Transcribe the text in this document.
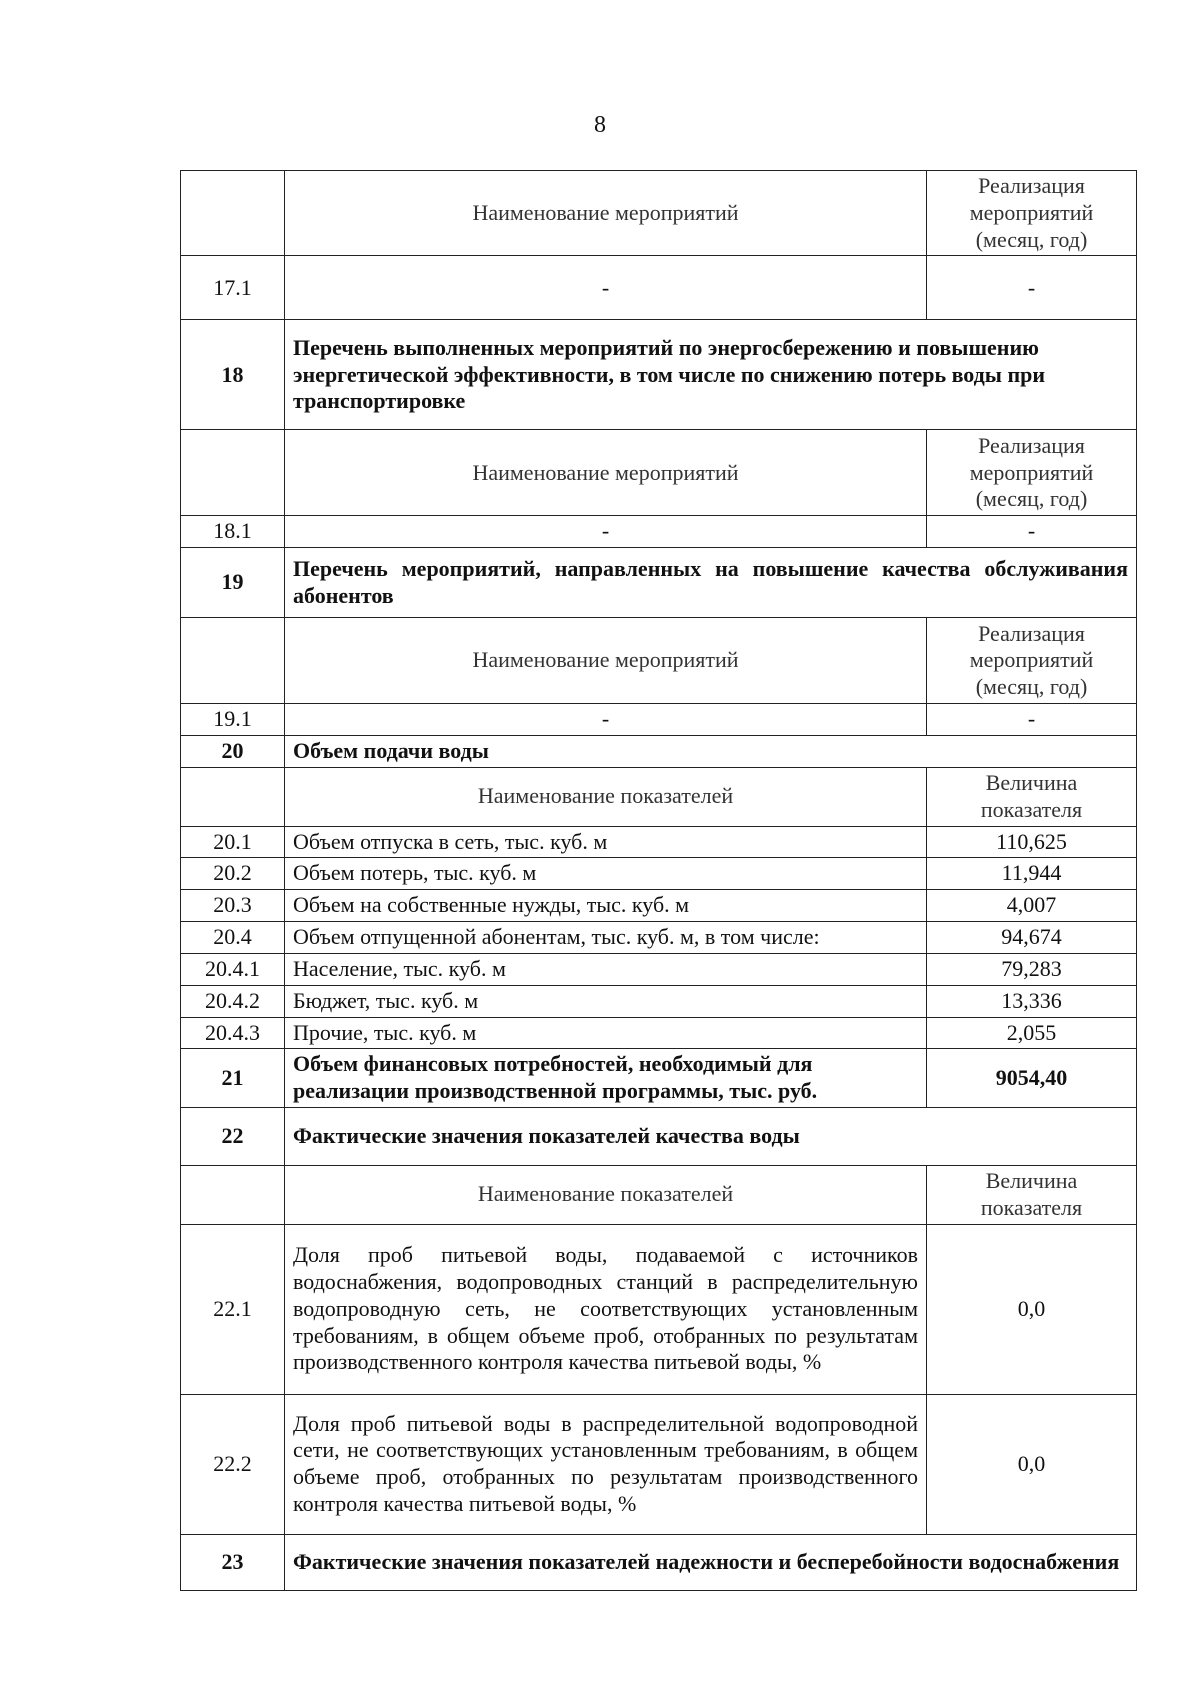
8
	Наименование мероприятий	Реализация мероприятий (месяц, год)
17.1	-	-
18	Перечень выполненных мероприятий по энергосбережению и повышению энергетической эффективности, в том числе по снижению потерь воды при транспортировке	
	Наименование мероприятий	Реализация мероприятий (месяц, год)
18.1	-	-
19	Перечень мероприятий, направленных на повышение качества обслуживания абонентов	
	Наименование мероприятий	Реализация мероприятий (месяц, год)
19.1	-	-
20	Объем подачи воды	
	Наименование показателей	Величина показателя
20.1	Объем отпуска в сеть, тыс. куб. м	110,625
20.2	Объем потерь, тыс. куб. м	11,944
20.3	Объем на собственные нужды, тыс. куб. м	4,007
20.4	Объем отпущенной абонентам, тыс. куб. м, в том числе:	94,674
20.4.1	Население, тыс. куб. м	79,283
20.4.2	Бюджет, тыс. куб. м	13,336
20.4.3	Прочие, тыс. куб. м	2,055
21	Объем финансовых потребностей, необходимый для реализации производственной программы, тыс. руб.	9054,40
22	Фактические значения показателей качества воды	
	Наименование показателей	Величина показателя
22.1	Доля проб питьевой воды, подаваемой с источников водоснабжения, водопроводных станций в распределительную водопроводную сеть, не соответствующих установленным требованиям, в общем объеме проб, отобранных по результатам производственного контроля качества питьевой воды, %	0,0
22.2	Доля проб питьевой воды в распределительной водопроводной сети, не соответствующих установленным требованиям, в общем объеме проб, отобранных по результатам производственного контроля качества питьевой воды, %	0,0
23	Фактические значения показателей надежности и бесперебойности водоснабжения	
